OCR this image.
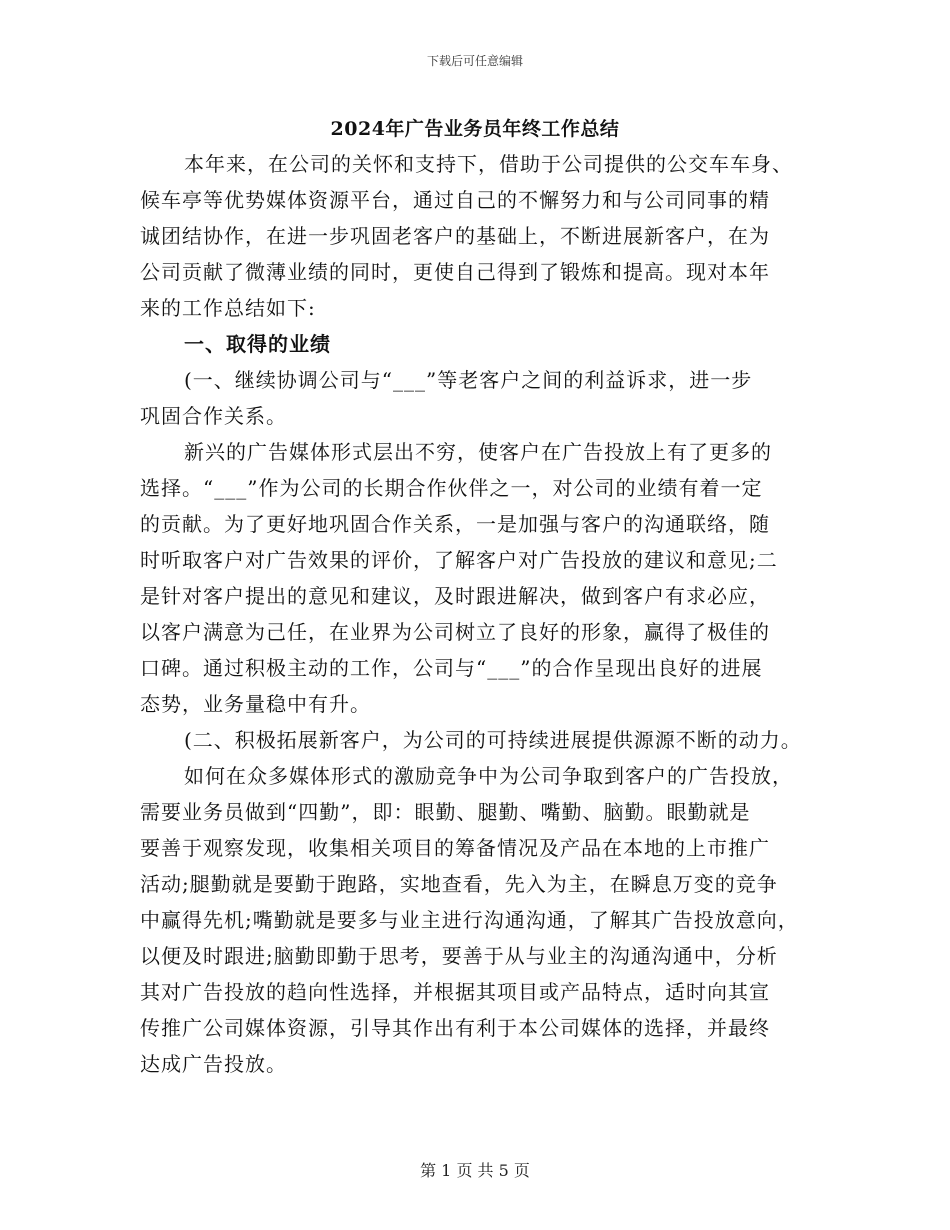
下载后可任意编辑
2024年广告业务员年终工作总结
本年来，在公司的关怀和支持下，借助于公司提供的公交车车身、
候车亭等优势媒体资源平台，通过自己的不懈努力和与公司同事的精
诚团结协作，在进一步巩固老客户的基础上，不断进展新客户，在为
公司贡献了微薄业绩的同时，更使自己得到了锻炼和提高。现对本年
来的工作总结如下:
一、取得的业绩
(一、继续协调公司与“___”等老客户之间的利益诉求，进一步
巩固合作关系。
新兴的广告媒体形式层出不穷，使客户在广告投放上有了更多的
选择。“___”作为公司的长期合作伙伴之一，对公司的业绩有着一定
的贡献。为了更好地巩固合作关系，一是加强与客户的沟通联络，随
时听取客户对广告效果的评价，了解客户对广告投放的建议和意见;二
是针对客户提出的意见和建议，及时跟进解决，做到客户有求必应，
以客户满意为己任，在业界为公司树立了良好的形象，赢得了极佳的
口碑。通过积极主动的工作，公司与“___”的合作呈现出良好的进展
态势，业务量稳中有升。
(二、积极拓展新客户，为公司的可持续进展提供源源不断的动力。
如何在众多媒体形式的激励竞争中为公司争取到客户的广告投放，
需要业务员做到“四勤”，即：眼勤、腿勤、嘴勤、脑勤。眼勤就是
要善于观察发现，收集相关项目的筹备情况及产品在本地的上市推广
活动;腿勤就是要勤于跑路，实地查看，先入为主，在瞬息万变的竞争
中赢得先机;嘴勤就是要多与业主进行沟通沟通，了解其广告投放意向，
以便及时跟进;脑勤即勤于思考，要善于从与业主的沟通沟通中，分析
其对广告投放的趋向性选择，并根据其项目或产品特点，适时向其宣
传推广公司媒体资源，引导其作出有利于本公司媒体的选择，并最终
达成广告投放。
第 1 页 共 5 页
